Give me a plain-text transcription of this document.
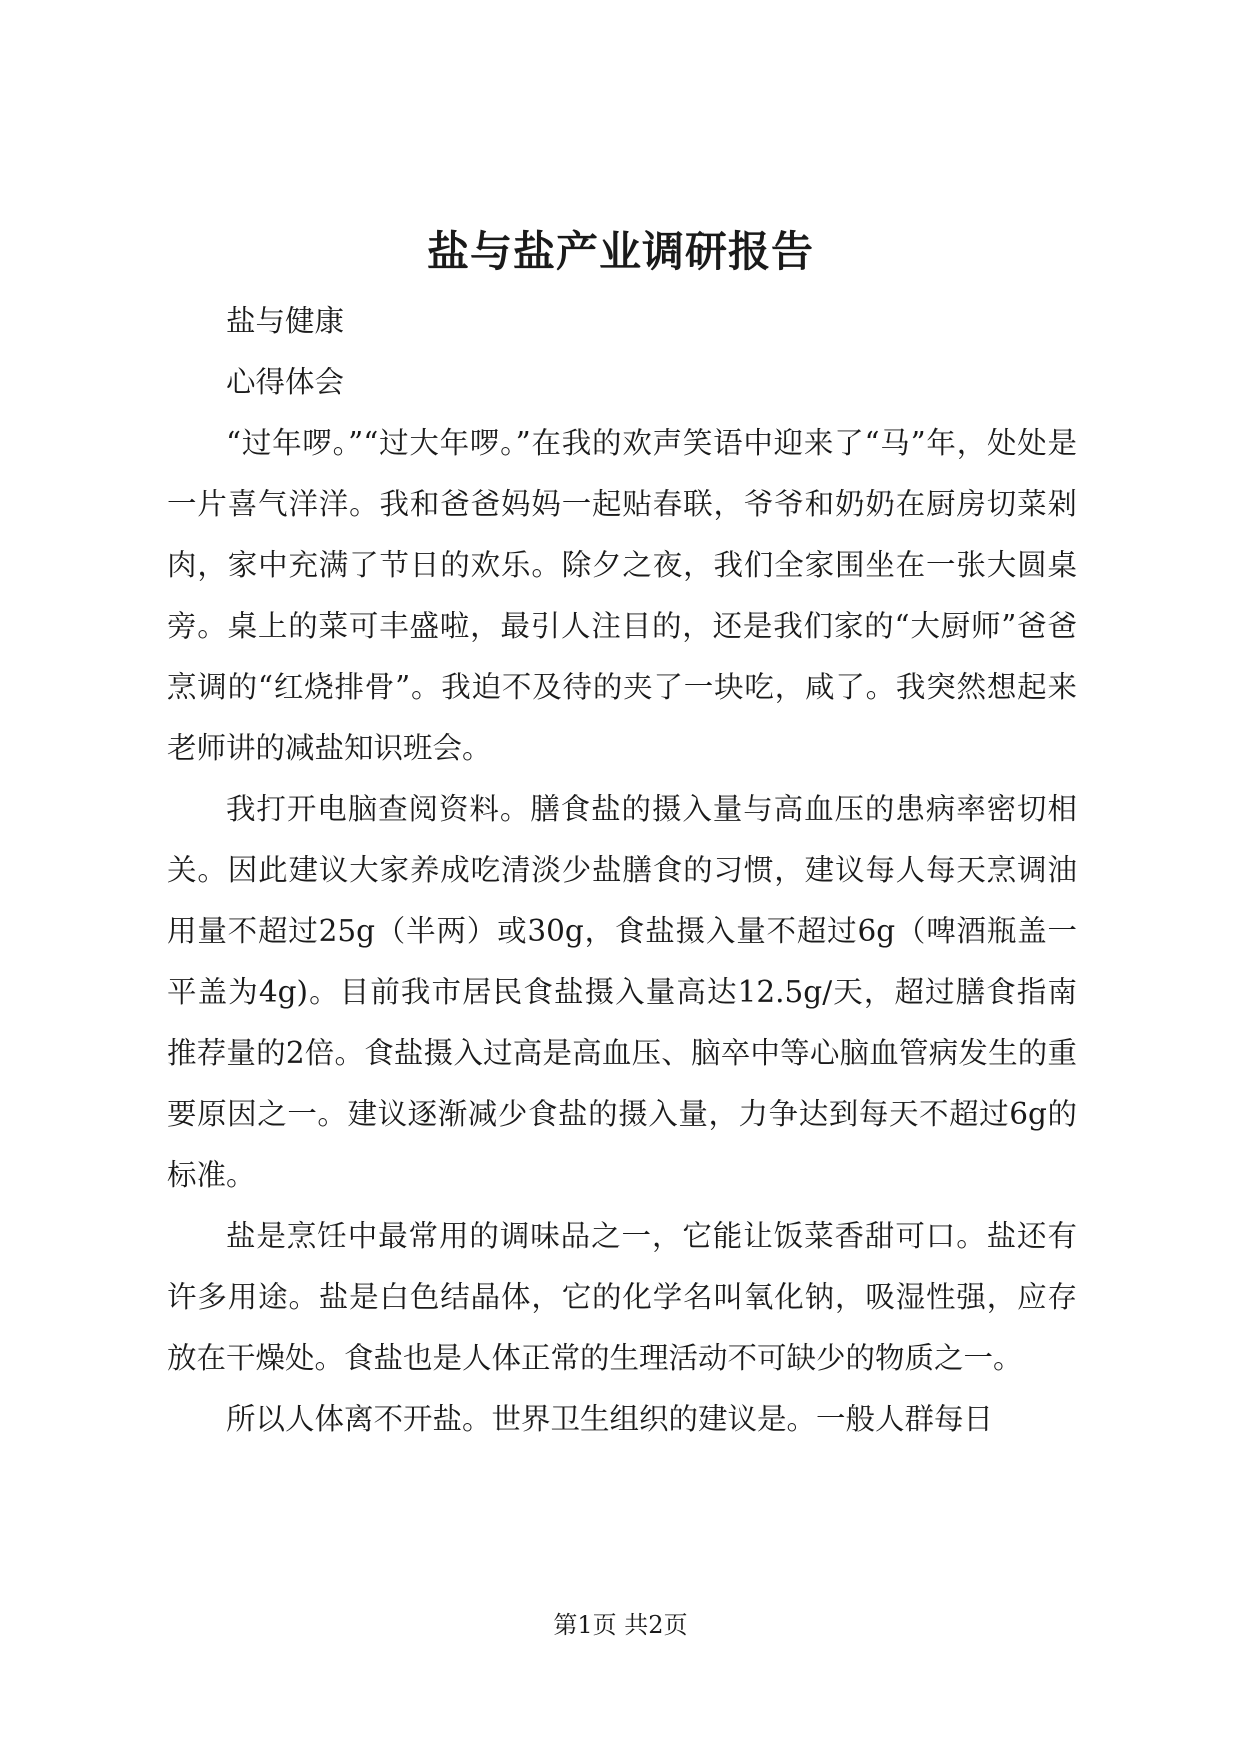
盐与盐产业调研报告

盐与健康

心得体会

“过年啰。”“过大年啰。”在我的欢声笑语中迎来了“马”年，处处是一片喜气洋洋。我和爸爸妈妈一起贴春联，爷爷和奶奶在厨房切菜剁肉，家中充满了节日的欢乐。除夕之夜，我们全家围坐在一张大圆桌旁。桌上的菜可丰盛啦，最引人注目的，还是我们家的“大厨师”爸爸烹调的“红烧排骨”。我迫不及待的夹了一块吃，咸了。我突然想起来老师讲的减盐知识班会。

我打开电脑查阅资料。膳食盐的摄入量与高血压的患病率密切相关。因此建议大家养成吃清淡少盐膳食的习惯，建议每人每天烹调油用量不超过25g（半两）或30g，食盐摄入量不超过6g（啤酒瓶盖一平盖为4g)。目前我市居民食盐摄入量高达12.5g/天，超过膳食指南推荐量的2倍。食盐摄入过高是高血压、脑卒中等心脑血管病发生的重要原因之一。建议逐渐减少食盐的摄入量，力争达到每天不超过6g的标准。

盐是烹饪中最常用的调味品之一，它能让饭菜香甜可口。盐还有许多用途。盐是白色结晶体，它的化学名叫氧化钠，吸湿性强，应存放在干燥处。食盐也是人体正常的生理活动不可缺少的物质之一。

所以人体离不开盐。世界卫生组织的建议是。一般人群每日

第1页 共2页
